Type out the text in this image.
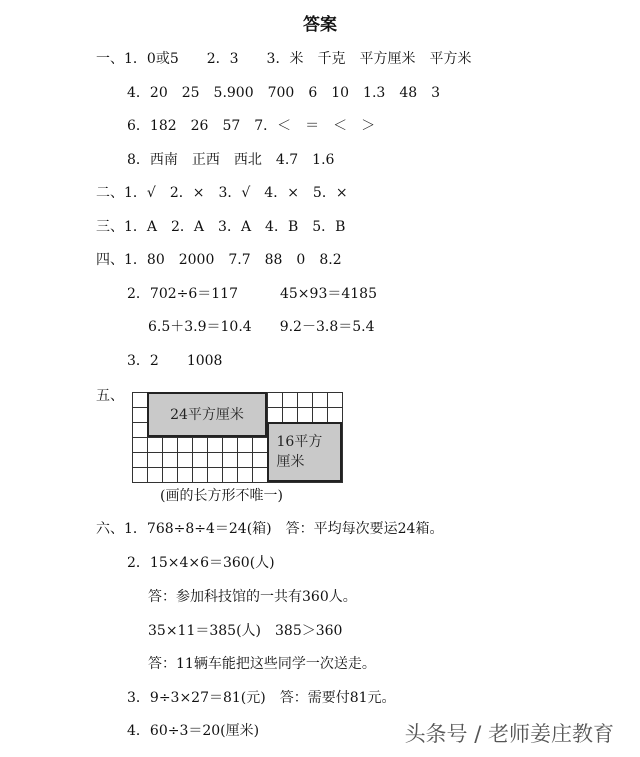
答案
一、1．0或5　　2．3　　3．米　千克　平方厘米　平方米
4．20　25　5.900　700　6　10　1.3　48　3
6．182　26　57　7．＜　＝　＜　＞
8．西南　正西　西北　4.7　1.6
二、1．√　2．×　3．√　4．×　5．×
三、1．A　2．A　3．A　4．B　5．B
四、1．80　2000　7.7　88　0　8.2
2．702÷6＝117　　　45×93＝4185
6.5＋3.9＝10.4　　9.2－3.8＝5.4
3．2　　1008
五、
24平方厘米
16平方厘米
(画的长方形不唯一)
六、1．768÷8÷4＝24(箱)　答：平均每次要运24箱。
2．15×4×6＝360(人)
答：参加科技馆的一共有360人。
35×11＝385(人)　385＞360
答：11辆车能把这些同学一次送走。
3．9÷3×27＝81(元)　答：需要付81元。
4．60÷3＝20(厘米)	头条号 / 老师姜庄教育
